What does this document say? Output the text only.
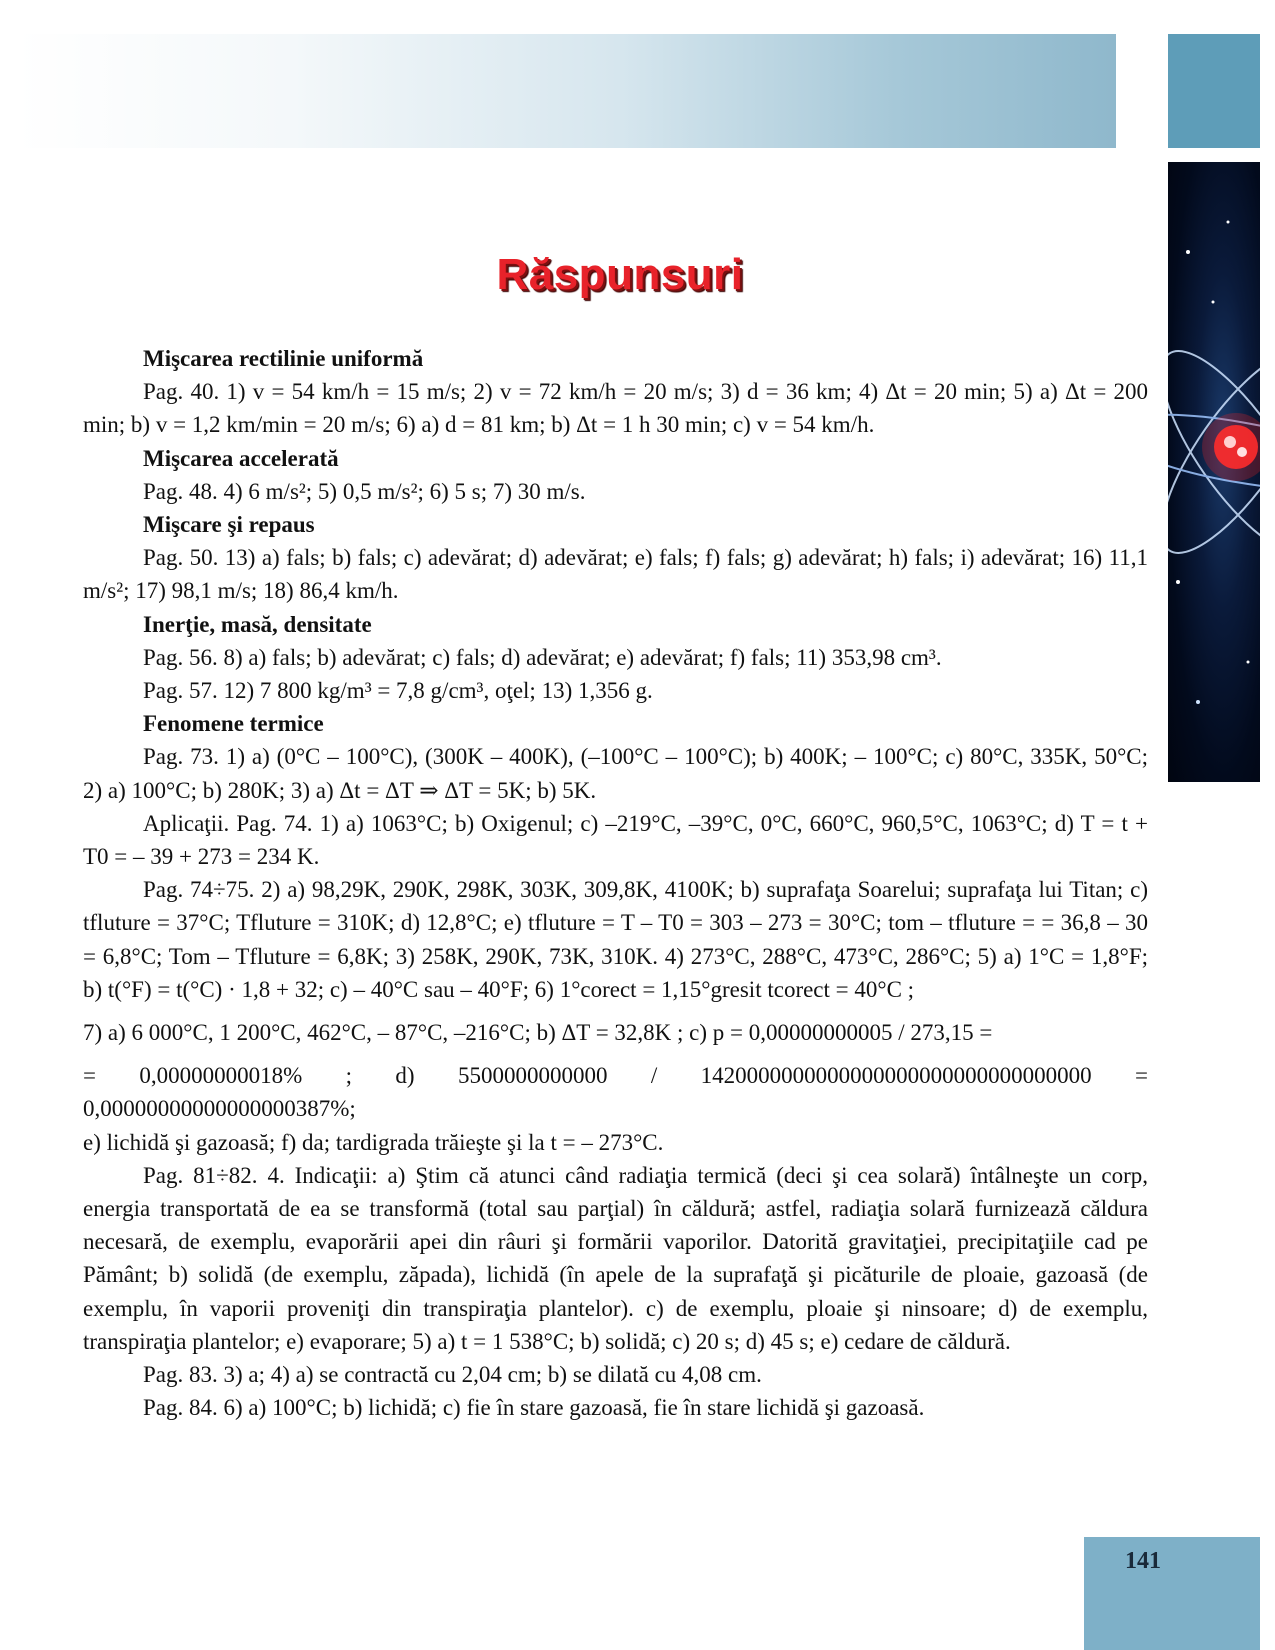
Răspunsuri

Mişcarea rectilinie uniformă

Pag. 40. 1) v = 54 km/h = 15 m/s; 2) v = 72 km/h = 20 m/s; 3) d = 36 km; 4) Δt = 20 min; 5) a) Δt = 200 min; b) v = 1,2 km/min = 20 m/s; 6) a) d = 81 km; b) Δt = 1 h 30 min; c) v = 54 km/h.

Mişcarea accelerată

Pag. 48. 4) 6 m/s²; 5) 0,5 m/s²; 6) 5 s; 7) 30 m/s.

Mişcare şi repaus

Pag. 50. 13) a) fals; b) fals; c) adevărat; d) adevărat; e) fals; f) fals; g) adevărat; h) fals; i) adevărat; 16) 11,1 m/s²; 17) 98,1 m/s; 18) 86,4 km/h.

Inerţie, masă, densitate

Pag. 56. 8) a) fals; b) adevărat; c) fals; d) adevărat; e) adevărat; f) fals; 11) 353,98 cm³.

Pag. 57. 12) 7 800 kg/m³ = 7,8 g/cm³, oţel; 13) 1,356 g.

Fenomene termice

Pag. 73. 1) a) (0°C – 100°C), (300K – 400K), (–100°C – 100°C); b) 400K; – 100°C; c) 80°C, 335K, 50°C; 2) a) 100°C; b) 280K; 3) a) Δt = ΔT ⇒ ΔT = 5K; b) 5K.

Aplicaţii. Pag. 74. 1) a) 1063°C; b) Oxigenul; c) –219°C, –39°C, 0°C, 660°C, 960,5°C, 1063°C; d) T = t + T0 = – 39 + 273 = 234 K.

Pag. 74÷75. 2) a) 98,29K, 290K, 298K, 303K, 309,8K, 4100K; b) suprafaţa Soarelui; suprafaţa lui Titan; c) tfluture = 37°C; Tfluture = 310K; d) 12,8°C; e) tfluture = T – T0 = 303 – 273 = 30°C; tom – tfluture = = 36,8 – 30 = 6,8°C; Tom – Tfluture = 6,8K; 3) 258K, 290K, 73K, 310K. 4) 273°C, 288°C, 473°C, 286°C; 5) a) 1°C = 1,8°F; b) t(°F) = t(°C) · 1,8 + 32; c) – 40°C sau – 40°F; 6) 1°corect = 1,15°gresit tcorect = 40°C ;

7) a) 6 000°C, 1 200°C, 462°C, – 87°C, –216°C; b) ΔT = 32,8K ; c) p = 0,00000000005 / 273,15 =

= 0,00000000018% ; d) 5500000000000 / 1420000000000000000000000000000000 = 0,00000000000000000387%;

e) lichidă şi gazoasă; f) da; tardigrada trăieşte şi la t = – 273°C.

Pag. 81÷82. 4. Indicaţii: a) Ştim că atunci când radiaţia termică (deci şi cea solară) întâlneşte un corp, energia transportată de ea se transformă (total sau parţial) în căldură; astfel, radiaţia solară furnizează căldura necesară, de exemplu, evaporării apei din râuri şi formării vaporilor. Datorită gravitaţiei, precipitaţiile cad pe Pământ; b) solidă (de exemplu, zăpada), lichidă (în apele de la suprafaţă şi picăturile de ploaie, gazoasă (de exemplu, în vaporii proveniţi din transpiraţia plantelor). c) de exemplu, ploaie şi ninsoare; d) de exemplu, transpiraţia plantelor; e) evaporare; 5) a) t = 1 538°C; b) solidă; c) 20 s; d) 45 s; e) cedare de căldură.

Pag. 83. 3) a; 4) a) se contractă cu 2,04 cm; b) se dilată cu 4,08 cm.

Pag. 84. 6) a) 100°C; b) lichidă; c) fie în stare gazoasă, fie în stare lichidă şi gazoasă.

141
